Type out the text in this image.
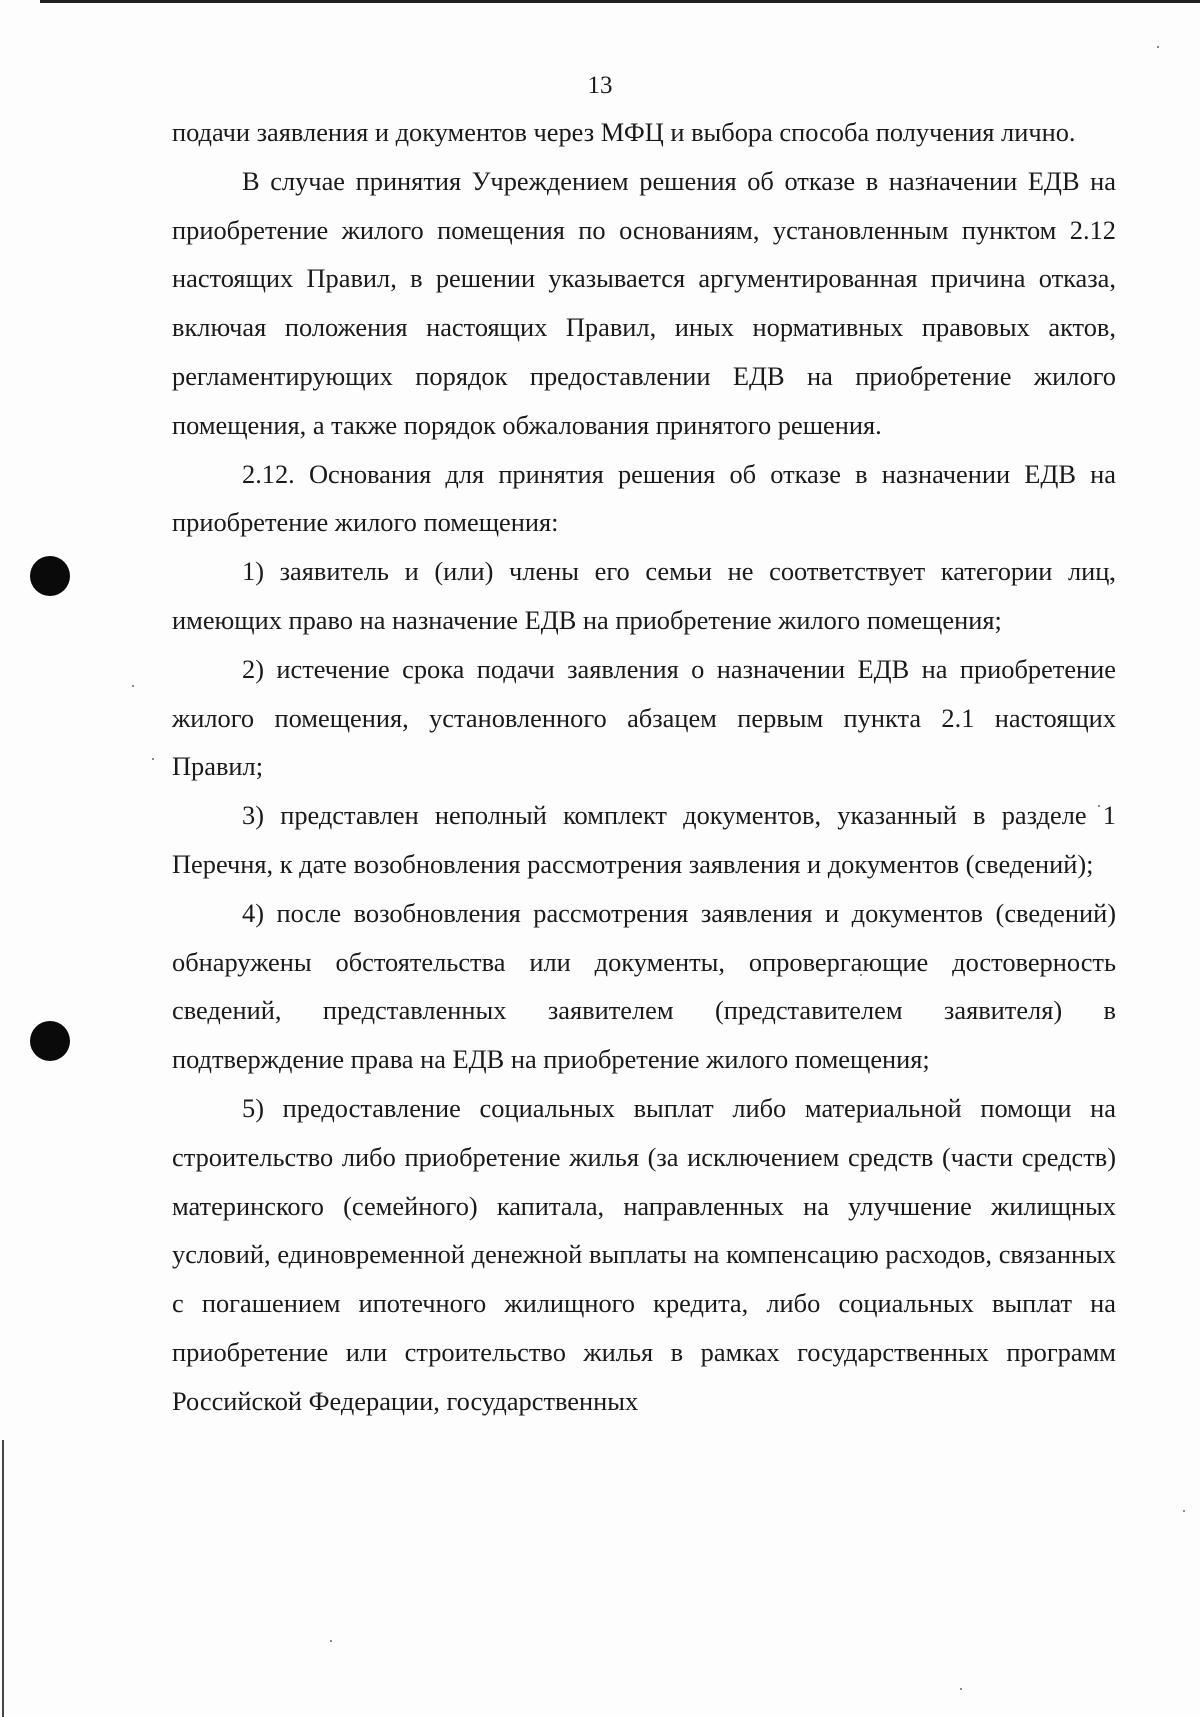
13

подачи заявления и документов через МФЦ и выбора способа получения лично.

В случае принятия Учреждением решения об отказе в назначении ЕДВ на приобретение жилого помещения по основаниям, установленным пунктом 2.12 настоящих Правил, в решении указывается аргументированная причина отказа, включая положения настоящих Правил, иных нормативных правовых актов, регламентирующих порядок предоставлении ЕДВ на приобретение жилого помещения, а также порядок обжалования принятого решения.

2.12. Основания для принятия решения об отказе в назначении ЕДВ на приобретение жилого помещения:

1) заявитель и (или) члены его семьи не соответствует категории лиц, имеющих право на назначение ЕДВ на приобретение жилого помещения;

2) истечение срока подачи заявления о назначении ЕДВ на приобретение жилого помещения, установленного абзацем первым пункта 2.1 настоящих Правил;

3) представлен неполный комплект документов, указанный в разделе 1 Перечня, к дате возобновления рассмотрения заявления и документов (сведений);

4) после возобновления рассмотрения заявления и документов (сведений) обнаружены обстоятельства или документы, опровергающие достоверность сведений, представленных заявителем (представителем заявителя) в подтверждение права на ЕДВ на приобретение жилого помещения;

5) предоставление социальных выплат либо материальной помощи на строительство либо приобретение жилья (за исключением средств (части средств) материнского (семейного) капитала, направленных на улучшение жилищных условий, единовременной денежной выплаты на компенсацию расходов, связанных с погашением ипотечного жилищного кредита, либо социальных выплат на приобретение или строительство жилья в рамках государственных программ Российской Федерации, государственных
